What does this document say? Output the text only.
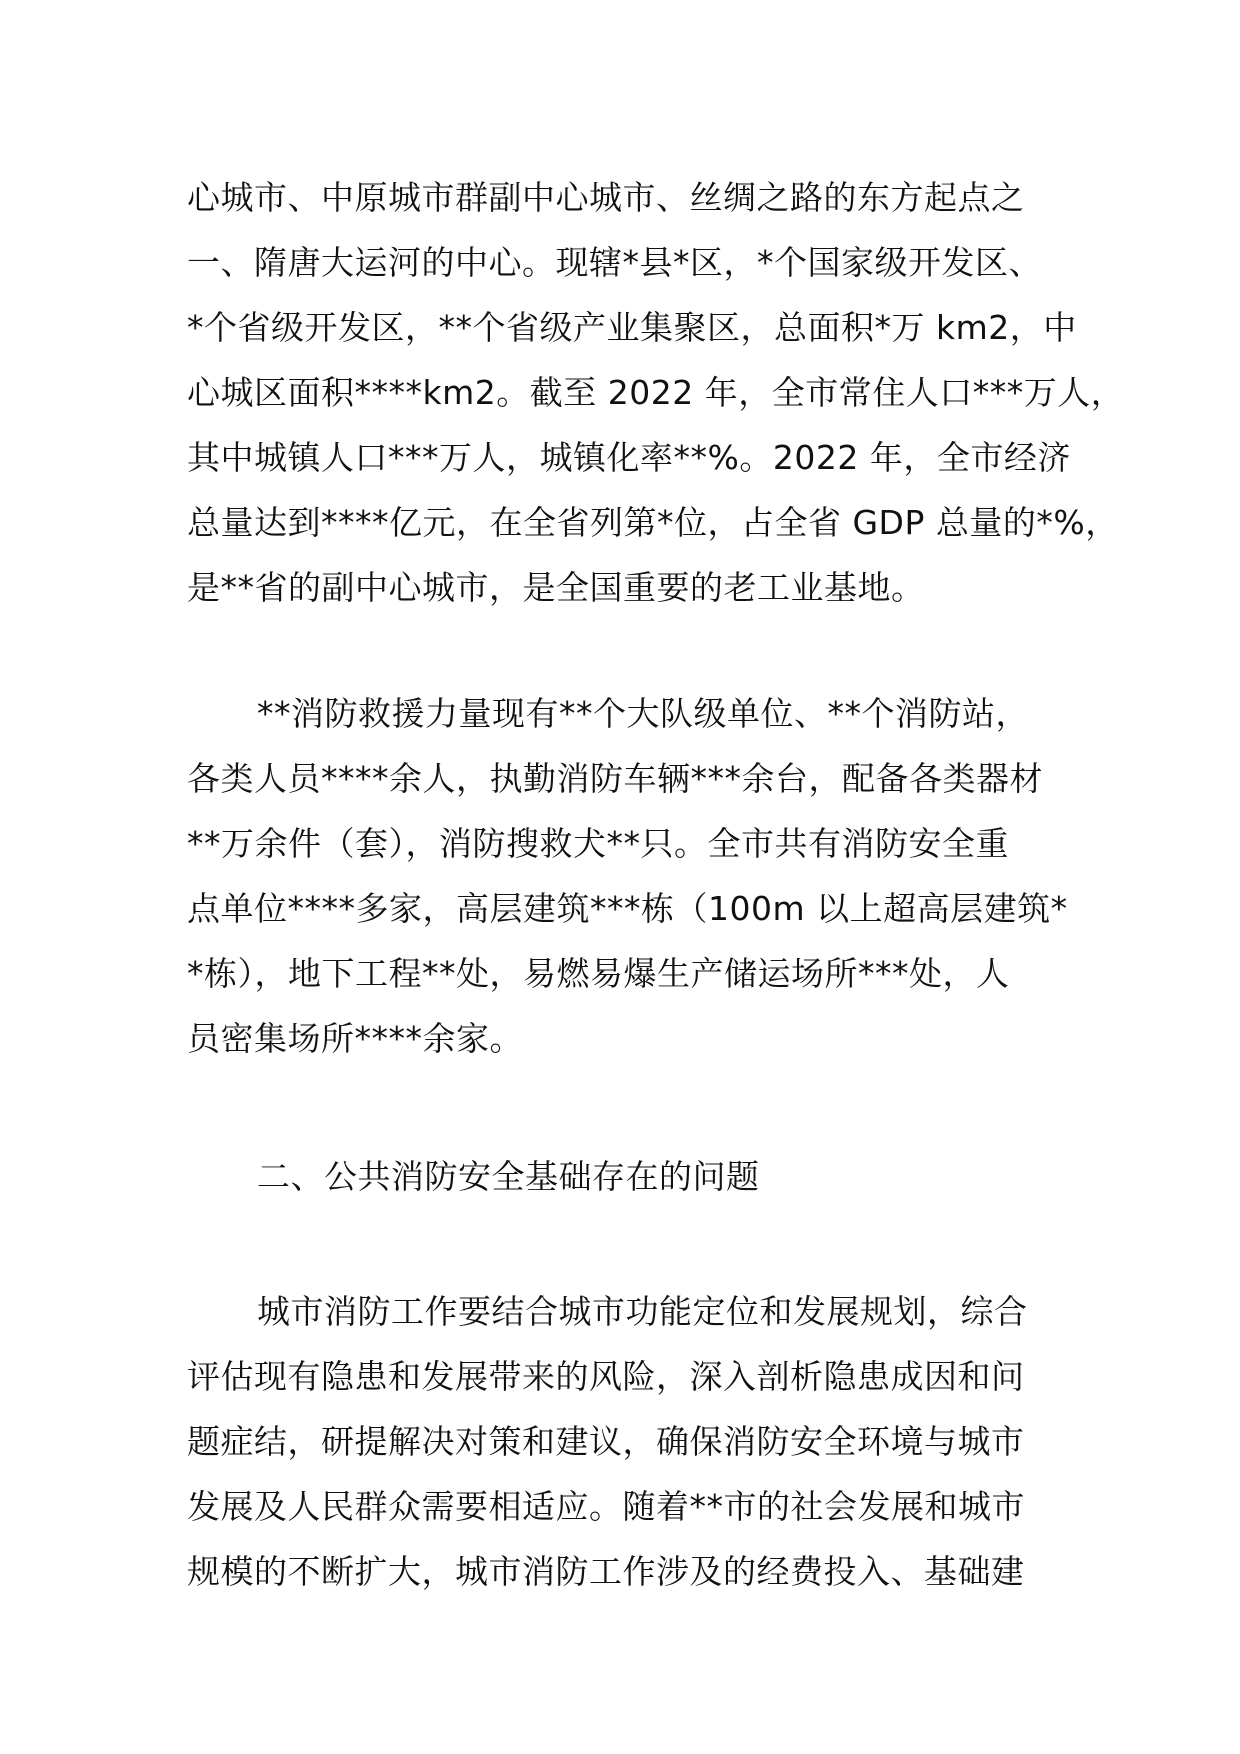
心城市、中原城市群副中心城市、丝绸之路的东方起点之
一、隋唐大运河的中心。现辖*县*区，*个国家级开发区、
*个省级开发区，**个省级产业集聚区，总面积*万 km2，中
心城区面积****km2。截至 2022 年，全市常住人口***万人，
其中城镇人口***万人，城镇化率**%。2022 年，全市经济
总量达到****亿元，在全省列第*位，占全省 GDP 总量的*%，
是**省的副中心城市，是全国重要的老工业基地。
**消防救援力量现有**个大队级单位、**个消防站，
各类人员****余人，执勤消防车辆***余台，配备各类器材
**万余件（套），消防搜救犬**只。全市共有消防安全重
点单位****多家，高层建筑***栋（100m 以上超高层建筑*
*栋），地下工程**处，易燃易爆生产储运场所***处，人
员密集场所****余家。
二、公共消防安全基础存在的问题
城市消防工作要结合城市功能定位和发展规划，综合
评估现有隐患和发展带来的风险，深入剖析隐患成因和问
题症结，研提解决对策和建议，确保消防安全环境与城市
发展及人民群众需要相适应。随着**市的社会发展和城市
规模的不断扩大，城市消防工作涉及的经费投入、基础建
